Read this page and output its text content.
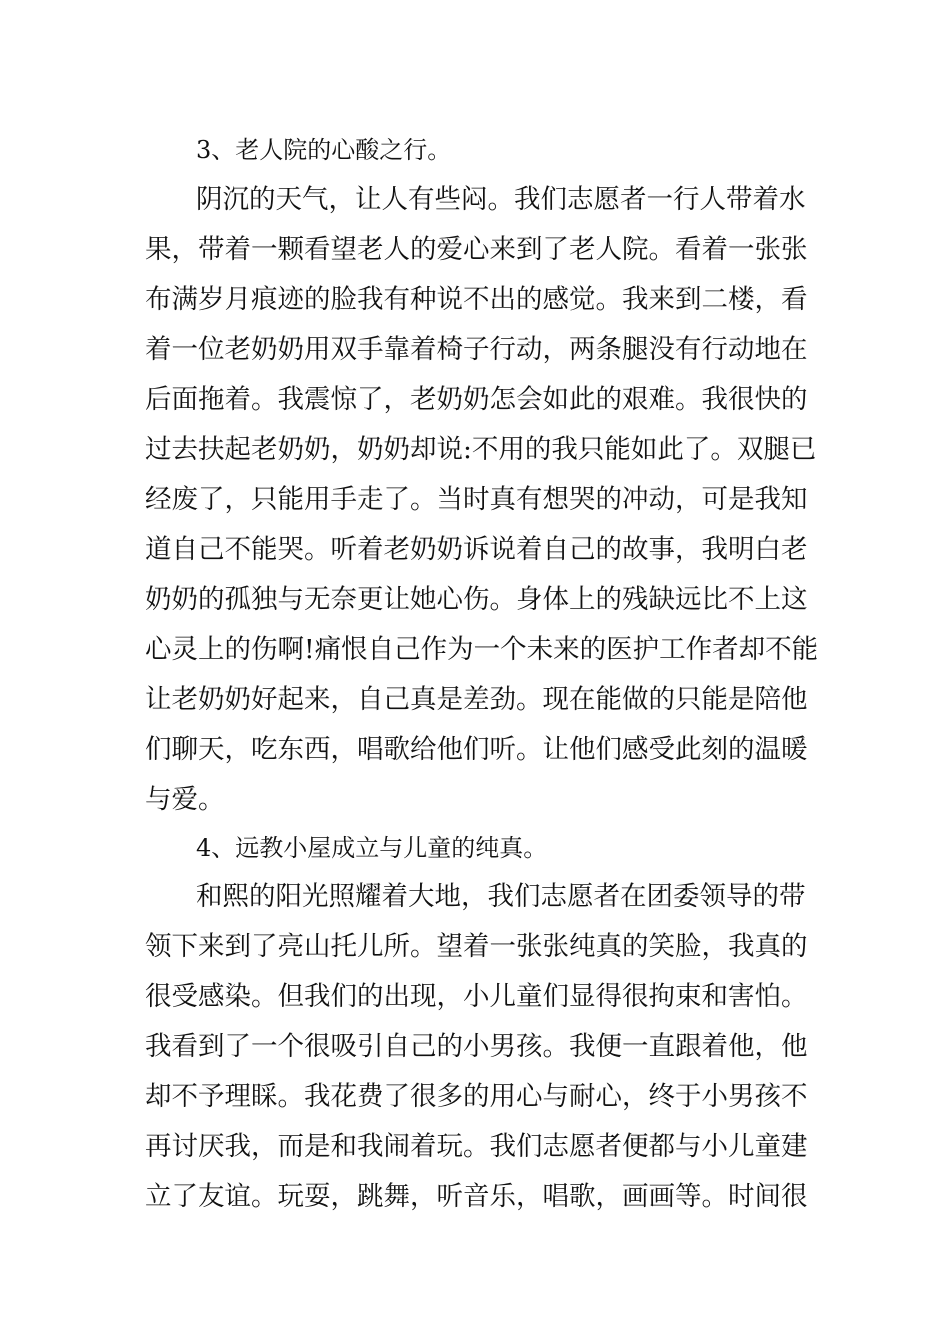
3、老人院的心酸之行。
阴沉的天气，让人有些闷。我们志愿者一行人带着水
果，带着一颗看望老人的爱心来到了老人院。看着一张张
布满岁月痕迹的脸我有种说不出的感觉。我来到二楼，看
着一位老奶奶用双手靠着椅子行动，两条腿没有行动地在
后面拖着。我震惊了，老奶奶怎会如此的艰难。我很快的
过去扶起老奶奶，奶奶却说:不用的我只能如此了。双腿已
经废了，只能用手走了。当时真有想哭的冲动，可是我知
道自己不能哭。听着老奶奶诉说着自己的故事，我明白老
奶奶的孤独与无奈更让她心伤。身体上的残缺远比不上这
心灵上的伤啊!痛恨自己作为一个未来的医护工作者却不能
让老奶奶好起来，自己真是差劲。现在能做的只能是陪他
们聊天，吃东西，唱歌给他们听。让他们感受此刻的温暖
与爱。
4、远教小屋成立与儿童的纯真。
和熙的阳光照耀着大地，我们志愿者在团委领导的带
领下来到了亮山托儿所。望着一张张纯真的笑脸，我真的
很受感染。但我们的出现，小儿童们显得很拘束和害怕。
我看到了一个很吸引自己的小男孩。我便一直跟着他，他
却不予理睬。我花费了很多的用心与耐心，终于小男孩不
再讨厌我，而是和我闹着玩。我们志愿者便都与小儿童建
立了友谊。玩耍，跳舞，听音乐，唱歌，画画等。时间很
